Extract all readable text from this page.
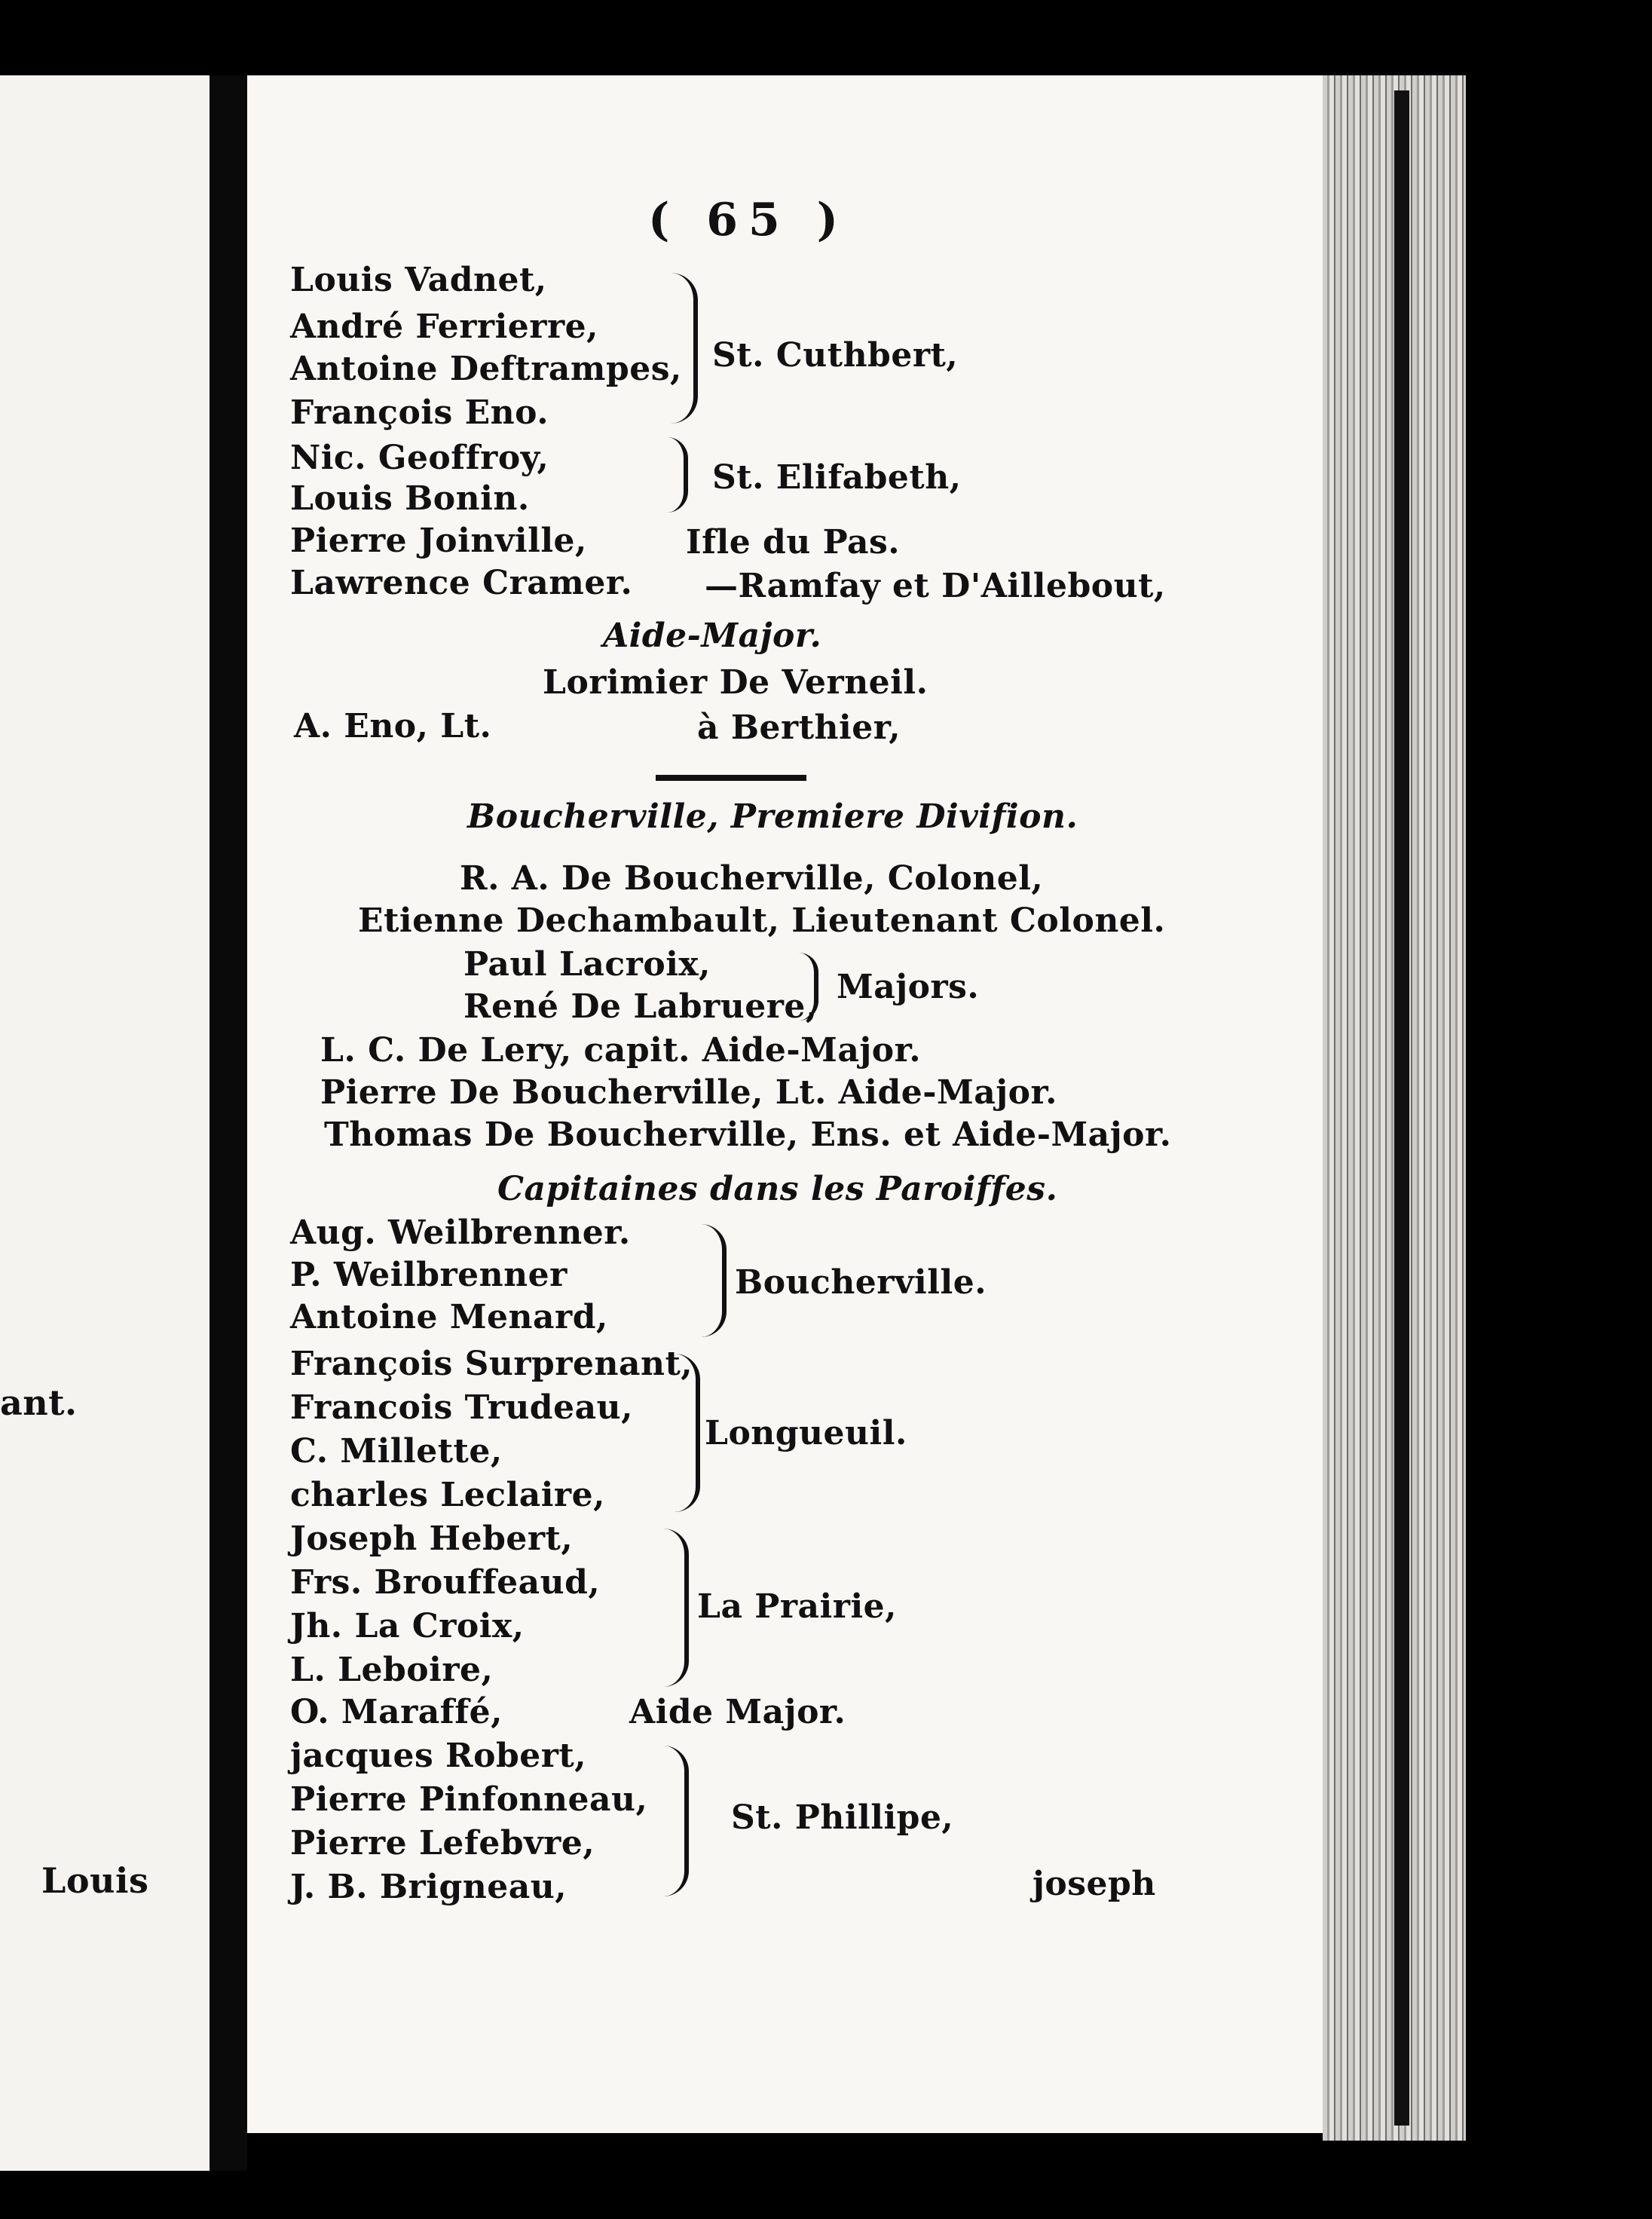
ant.
Louis
( 65 )
Louis Vadnet,
André Ferrierre,
Antoine Deftrampes,
François Eno.
Nic. Geoffroy,
Louis Bonin.
Pierre Joinville,
Lawrence Cramer.
St. Cuthbert,
St. Elifabeth,
Ifle du Pas.
—Ramfay et D'Aillebout,
Aide-Major.
Lorimier De Verneil.
A. Eno, Lt.	à Berthier,
Boucherville, Premiere Divifion.
R. A. De Boucherville, Colonel,
Etienne Dechambault, Lieutenant Colonel.
Paul Lacroix,
René De Labruere,
Majors.
L. C. De Lery, capit. Aide-Major.
Pierre De Boucherville, Lt. Aide-Major.
Thomas De Boucherville, Ens. et Aide-Major.
Capitaines dans les Paroiffes.
Aug. Weilbrenner.
P. Weilbrenner
Antoine Menard,
Boucherville.
François Surprenant,
Francois Trudeau,
C. Millette,
charles Leclaire,
Longueuil.
Joseph Hebert,
Frs. Brouffeaud,
Jh. La Croix,
L. Leboire,
La Prairie,
O. Maraffé,	Aide Major.
jacques Robert,
Pierre Pinfonneau,
Pierre Lefebvre,
J. B. Brigneau,
St. Phillipe,
joseph
